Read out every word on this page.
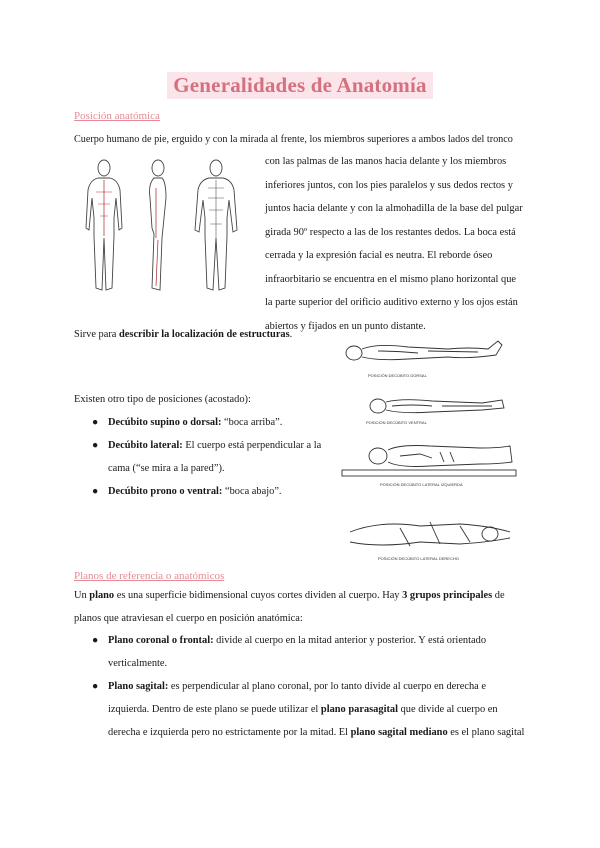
Generalidades de Anatomía
Posición anatómica
Cuerpo humano de pie, erguido y con la mirada al frente, los miembros superiores a ambos lados del tronco
con las palmas de las manos hacia delante y los miembros
inferiores juntos, con los pies paralelos y sus dedos rectos y
juntos hacia delante y con la almohadilla de la base del pulgar
girada 90º respecto a las de los restantes dedos. La boca está
cerrada y la expresión facial es neutra. El reborde óseo
infraorbitario se encuentra en el mismo plano horizontal que
la parte superior del orificio auditivo externo y los ojos están
abiertos y fijados en un punto distante.
Sirve para describir la localización de estructuras.
POSICIÓN DECÚBITO DORSAL
POSICIÓN DECÚBITO VENTRAL
POSICIÓN DECÚBITO LATERAL IZQUIERDA
POSICIÓN DECÚBITO LATERAL DERECHO
Existen otro tipo de posiciones (acostado):
● Decúbito supino o dorsal: “boca arriba”.
● Decúbito lateral: El cuerpo está perpendicular a la
cama (“se mira a la pared”).
● Decúbito prono o ventral: “boca abajo”.
Planos de referencia o anatómicos
Un plano es una superficie bidimensional cuyos cortes dividen al cuerpo. Hay 3 grupos principales de
planos que atraviesan el cuerpo en posición anatómica:
● Plano coronal o frontal: divide al cuerpo en la mitad anterior y posterior. Y está orientado
verticalmente.
● Plano sagital: es perpendicular al plano coronal, por lo tanto divide al cuerpo en derecha e
izquierda. Dentro de este plano se puede utilizar el plano parasagital que divide al cuerpo en
derecha e izquierda pero no estrictamente por la mitad. El plano sagital mediano es el plano sagital
